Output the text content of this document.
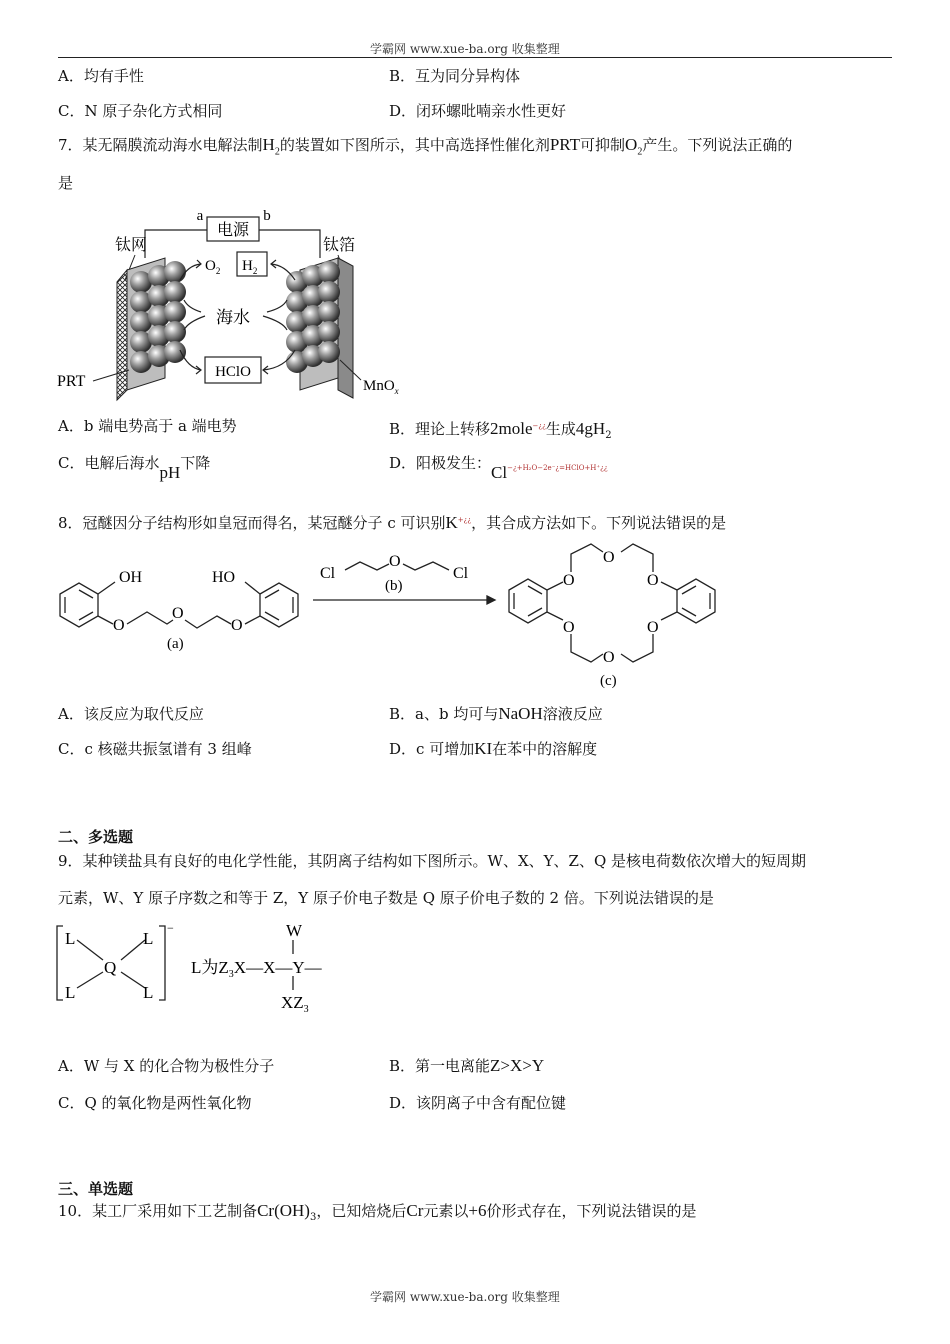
学霸网 www.xue-ba.org 收集整理
A．均有手性	B．互为同分异构体
C．N 原子杂化方式相同	D．闭环螺吡喃亲水性更好
7．某无隔膜流动海水电解法制$H_2$的装置如下图所示，其中高选择性催化剂PRT可抑制$O_2$产生。下列说法正确的
是
电源
a	b
钛网	钛箔
$O_2$ $H_2$
海水
HClO
PRT	MnO$_x$
A．b 端电势高于 a 端电势	B．理论上转移2mole−¿¿生成$4gH_2$
C．电解后海水pH下降	D．阳极发生：Cl−¿+H₂O−2e⁻¿=HClO+H⁺¿¿
8．冠醚因分子结构形如皇冠而得名，某冠醚分子 c 可识别K+¿¿，其合成方法如下。下列说法错误的是
OH	HO
O
O
O
(a)
Cl
O
Cl
(b)	O
O
O
O
O
O
(c)
A．该反应为取代反应	B．a、b 均可与NaOH溶液反应
C．c 核磁共振氢谱有 3 组峰	D．c 可增加KI在苯中的溶解度
二、多选题
9．某种镁盐具有良好的电化学性能，其阴离子结构如下图所示。W、X、Y、Z、Q 是核电荷数依次增大的短周期
元素，W、Y 原子序数之和等于 Z，Y 原子价电子数是 Q 原子价电子数的 2 倍。下列说法错误的是
L	L
Q
L	L
−
L为$Z_3X—X—Y—$
W
$XZ_3$
A．W 与 X 的化合物为极性分子	B．第一电离能Z>X>Y
C．Q 的氧化物是两性氧化物	D．该阴离子中含有配位键
三、单选题
10．某工厂采用如下工艺制备$Cr(OH)_3$，已知焙烧后Cr元素以+6价形式存在，下列说法错误的是
学霸网 www.xue-ba.org 收集整理
